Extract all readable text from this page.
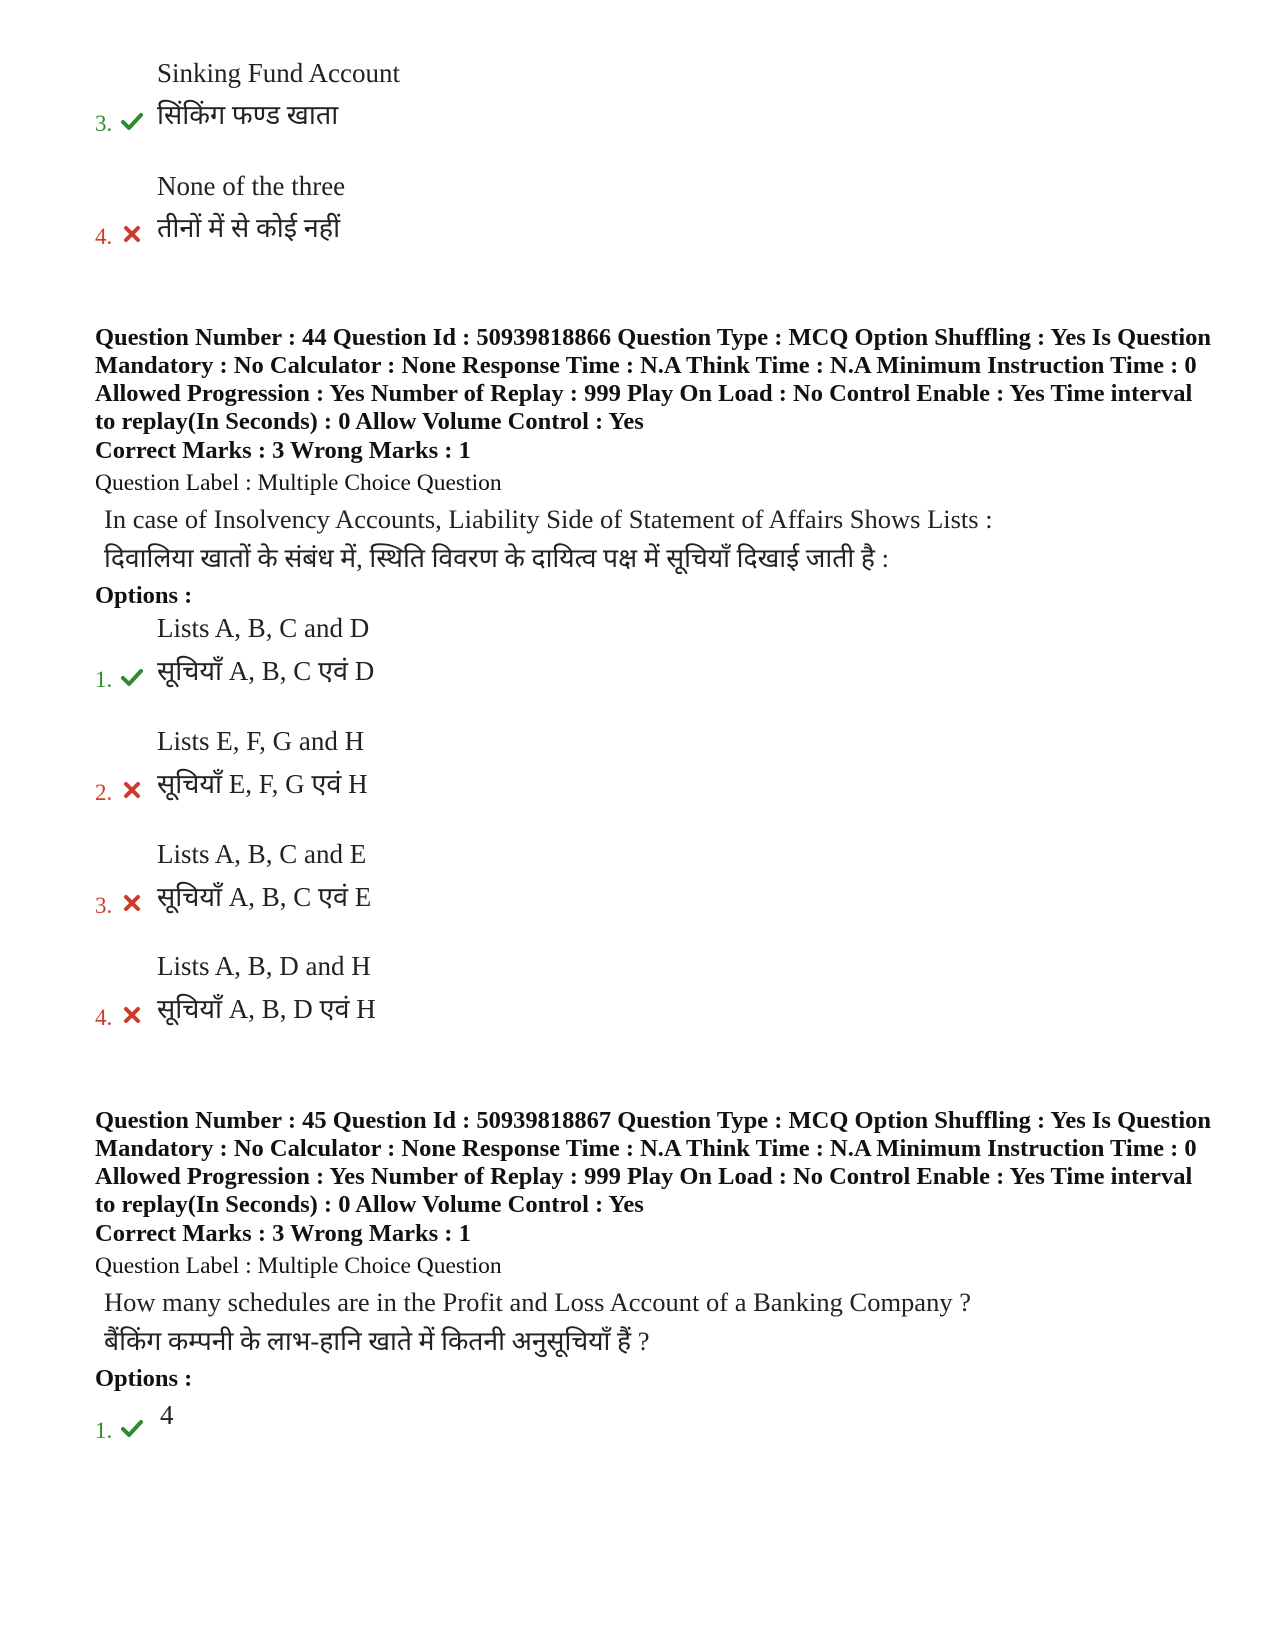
Sinking Fund Account
सिंकिंग फण्ड खाता
3.
None of the three
तीनों में से कोई नहीं
4.
Question Number : 44 Question Id : 50939818866 Question Type : MCQ Option Shuffling : Yes Is Question Mandatory : No Calculator : None Response Time : N.A Think Time : N.A Minimum Instruction Time : 0 Allowed Progression : Yes Number of Replay : 999 Play On Load : No Control Enable : Yes Time interval to replay(In Seconds) : 0 Allow Volume Control : Yes
Correct Marks : 3 Wrong Marks : 1
Question Label : Multiple Choice Question
In case of Insolvency Accounts, Liability Side of Statement of Affairs Shows Lists :
दिवालिया खातों के संबंध में, स्थिति विवरण के दायित्व पक्ष में सूचियाँ दिखाई जाती है :
Options :
Lists A, B, C and D
सूचियाँ A, B, C एवं D
1.
Lists E, F, G and H
सूचियाँ E, F, G एवं H
2.
Lists A, B, C and E
सूचियाँ A, B, C एवं E
3.
Lists A, B, D and H
सूचियाँ A, B, D एवं H
4.
Question Number : 45 Question Id : 50939818867 Question Type : MCQ Option Shuffling : Yes Is Question Mandatory : No Calculator : None Response Time : N.A Think Time : N.A Minimum Instruction Time : 0 Allowed Progression : Yes Number of Replay : 999 Play On Load : No Control Enable : Yes Time interval to replay(In Seconds) : 0 Allow Volume Control : Yes
Correct Marks : 3 Wrong Marks : 1
Question Label : Multiple Choice Question
How many schedules are in the Profit and Loss Account of a Banking Company ?
बैंकिंग कम्पनी के लाभ-हानि खाते में कितनी अनुसूचियाँ हैं ?
Options :
4
1.
